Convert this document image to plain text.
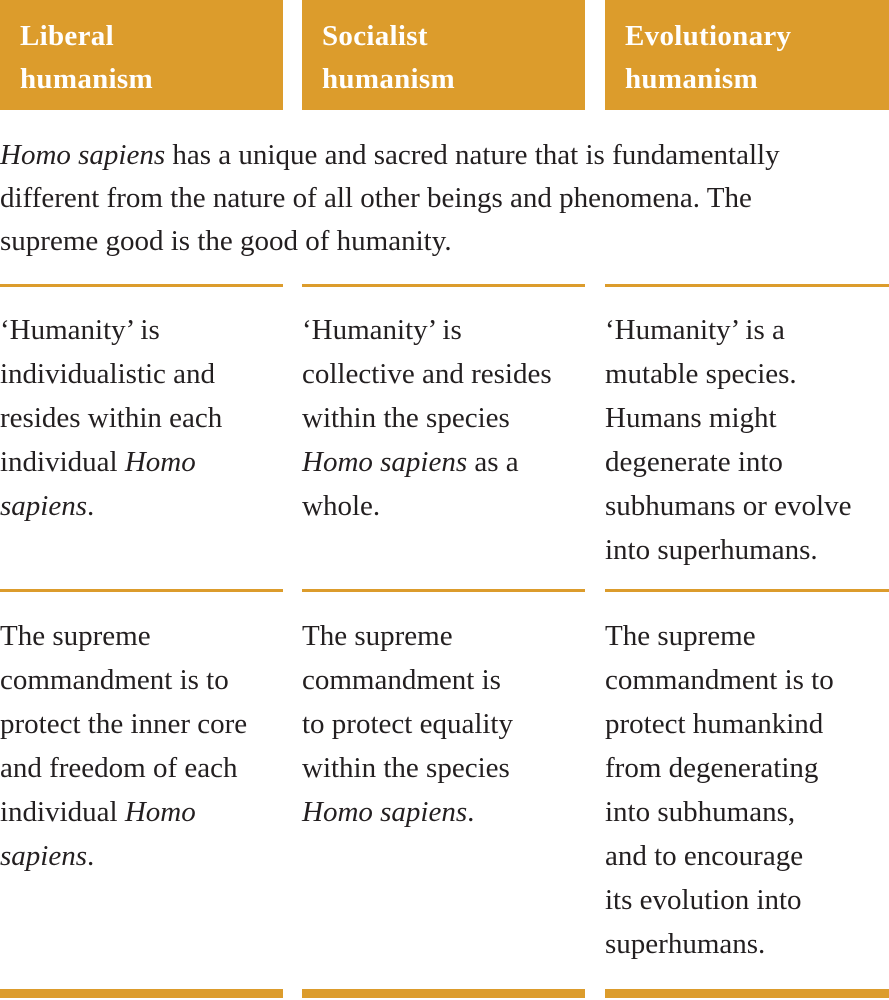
Liberal
humanism
Socialist
humanism
Evolutionary
humanism

Homo sapiens has a unique and sacred nature that is fundamentally
different from the nature of all other beings and phenomena. The
supreme good is the good of humanity.

‘Humanity’ is
individualistic and
resides within each
individual Homo
sapiens.

‘Humanity’ is
collective and resides
within the species
Homo sapiens as a
whole.

‘Humanity’ is a
mutable species.
Humans might
degenerate into
subhumans or evolve
into superhumans.

The supreme
commandment is to
protect the inner core
and freedom of each
individual Homo
sapiens.

The supreme
commandment is
to protect equality
within the species
Homo sapiens.

The supreme
commandment is to
protect humankind
from degenerating
into subhumans,
and to encourage
its evolution into
superhumans.
